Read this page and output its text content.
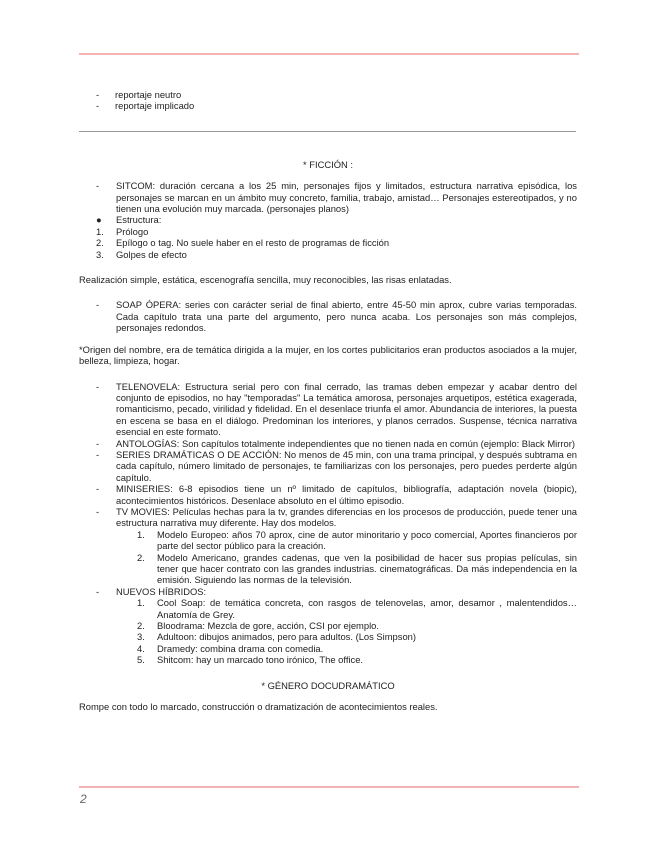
- reportaje neutro
- reportaje implicado

* FICCIÓN :

- SITCOM: duración cercana a los 25 min, personajes fijos y limitados, estructura narrativa episódica, los personajes se marcan en un ámbito muy concreto, familia, trabajo, amistad… Personajes estereotipados, y no tienen una evolución muy marcada. (personajes planos)
● Estructura:
1. Prólogo
2. Epílogo o tag. No suele haber en el resto de programas de ficción
3. Golpes de efecto

Realización simple, estática, escenografía sencilla, muy reconocibles, las risas enlatadas.

- SOAP ÓPERA: series con carácter serial de final abierto, entre 45-50 min aprox, cubre varias temporadas. Cada capítulo trata una parte del argumento, pero nunca acaba. Los personajes son más complejos, personajes redondos.

*Origen del nombre, era de temática dirigida a la mujer, en los cortes publicitarios eran productos asociados a la mujer, belleza, limpieza, hogar.

- TELENOVELA: Estructura serial pero con final cerrado, las tramas deben empezar y acabar dentro del conjunto de episodios, no hay "temporadas" La temática amorosa, personajes arquetipos, estética exagerada, romanticismo, pecado, virilidad y fidelidad. En el desenlace triunfa el amor. Abundancia de interiores, la puesta en escena se basa en el diálogo. Predominan los interiores, y planos cerrados. Suspense, técnica narrativa esencial en este formato.
- ANTOLOGÍAS: Son capítulos totalmente independientes que no tienen nada en común (ejemplo: Black Mirror)
- SERIES DRAMÁTICAS O DE ACCIÓN: No menos de 45 min, con una trama principal, y después subtrama en cada capítulo, número limitado de personajes, te familiarizas con los personajes, pero puedes perderte algún capítulo.
- MINISERIES: 6-8 episodios tiene un nº limitado de capítulos, bibliografía, adaptación novela (biopic), acontecimientos históricos. Desenlace absoluto en el último episodio.
- TV MOVIES: Películas hechas para la tv, grandes diferencias en los procesos de producción, puede tener una estructura narrativa muy diferente. Hay dos modelos.
1. Modelo Europeo: años 70 aprox, cine de autor minoritario y poco comercial, Aportes financieros por parte del sector público para la creación.
2. Modelo Americano, grandes cadenas, que ven la posibilidad de hacer sus propias películas, sin tener que hacer contrato con las grandes industrias. cinematográficas. Da más independencia en la emisión. Siguiendo las normas de la televisión.
- NUEVOS HÍBRIDOS:
1. Cool Soap: de temática concreta, con rasgos de telenovelas, amor, desamor , malentendidos… Anatomía de Grey.
2. Bloodrama: Mezcla de gore, acción, CSI por ejemplo.
3. Adultoon: dibujos animados, pero para adultos. (Los Simpson)
4. Dramedy: combina drama con comedia.
5. Shitcom: hay un marcado tono irónico, The office.

* GÉNERO DOCUDRAMÁTICO

Rompe con todo lo marcado, construcción o dramatización de acontecimientos reales.

2
